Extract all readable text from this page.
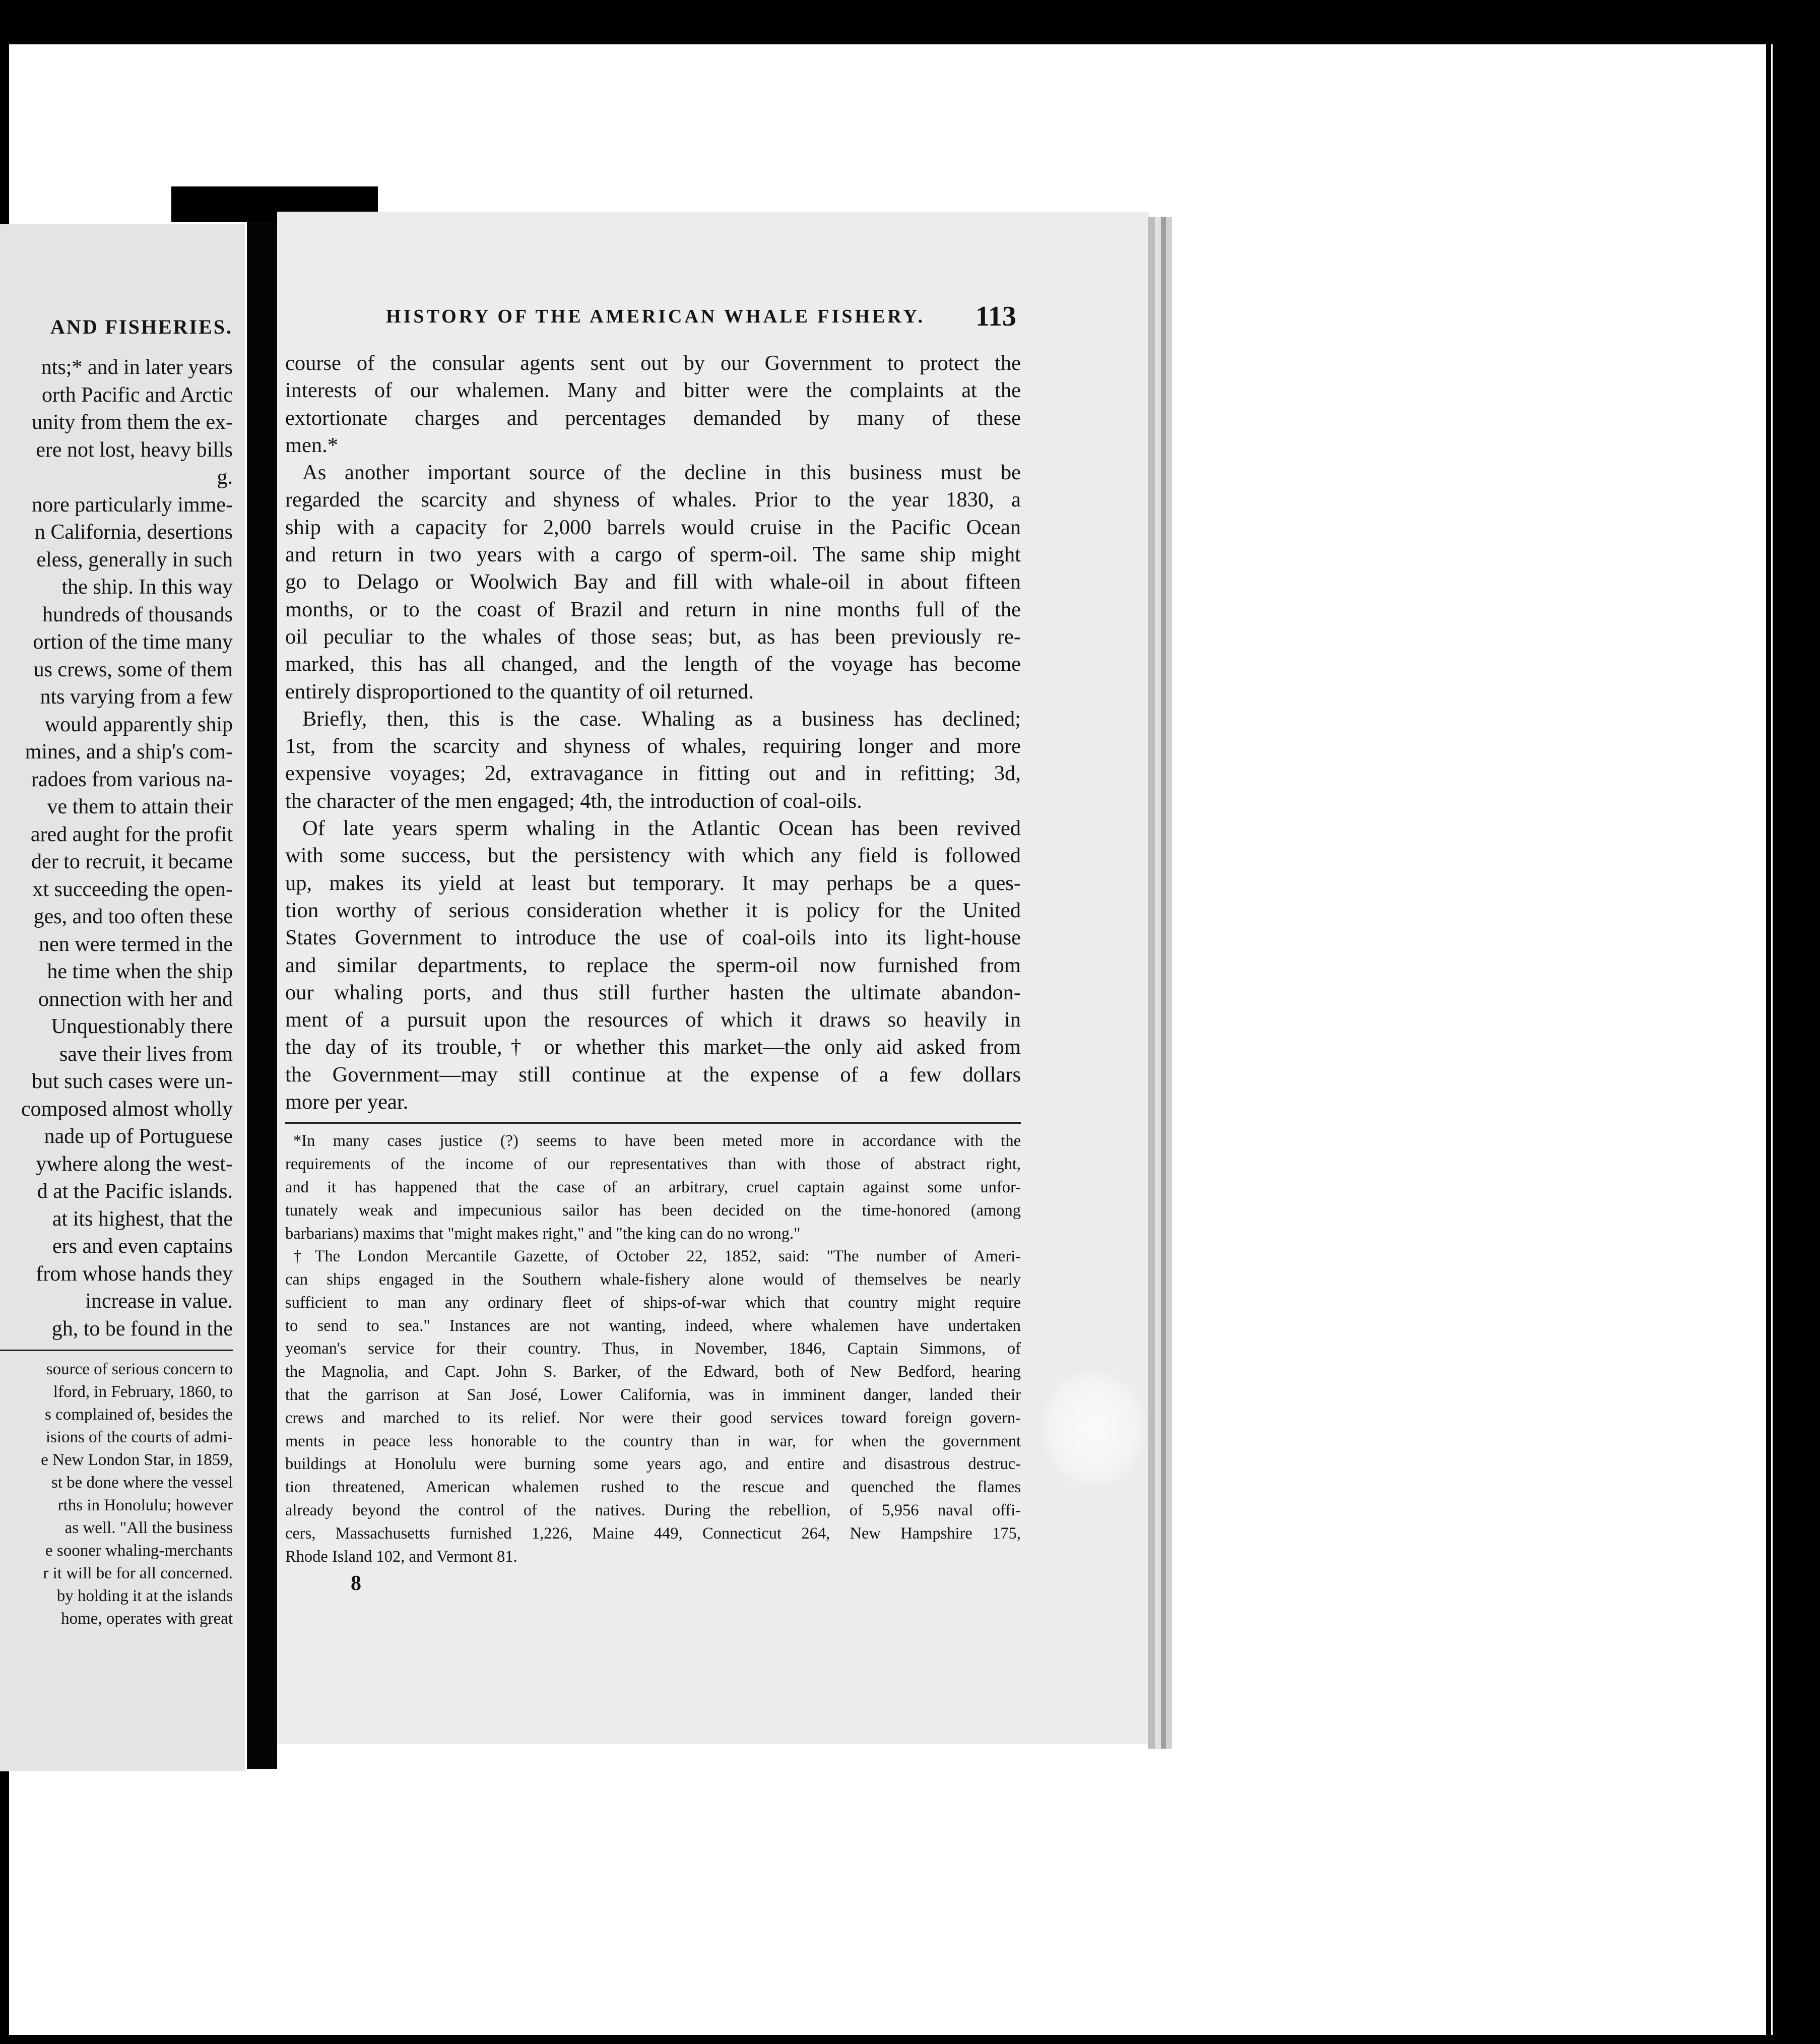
AND FISHERIES.
nts;* and in later years
orth Pacific and Arctic
unity from them the ex-
ere not lost, heavy bills
g.
nore particularly imme-
n California, desertions
eless, generally in such
the ship. In this way
hundreds of thousands
ortion of the time many
us crews, some of them
nts varying from a few
would apparently ship
mines, and a ship's com-
radoes from various na-
ve them to attain their
ared aught for the profit
der to recruit, it became
xt succeeding the open-
ges, and too often these
nen were termed in the
he time when the ship
onnection with her and
Unquestionably there
save their lives from
but such cases were un-
composed almost wholly
nade up of Portuguese
ywhere along the west-
d at the Pacific islands.
at its highest, that the
ers and even captains
from whose hands they
increase in value.
gh, to be found in the
source of serious concern to
lford, in February, 1860, to
s complained of, besides the
isions of the courts of admi-
e New London Star, in 1859,
st be done where the vessel
rths in Honolulu; however
as well. "All the business
e sooner whaling-merchants
r it will be for all concerned.
by holding it at the islands
home, operates with great
HISTORY OF THE AMERICAN WHALE FISHERY. 113
course of the consular agents sent out by our Government to protect the
interests of our whalemen. Many and bitter were the complaints at the
extortionate charges and percentages demanded by many of these
men.*
As another important source of the decline in this business must be
regarded the scarcity and shyness of whales. Prior to the year 1830, a
ship with a capacity for 2,000 barrels would cruise in the Pacific Ocean
and return in two years with a cargo of sperm-oil. The same ship might
go to Delago or Woolwich Bay and fill with whale-oil in about fifteen
months, or to the coast of Brazil and return in nine months full of the
oil peculiar to the whales of those seas; but, as has been previously re-
marked, this has all changed, and the length of the voyage has become
entirely disproportioned to the quantity of oil returned.
Briefly, then, this is the case. Whaling as a business has declined;
1st, from the scarcity and shyness of whales, requiring longer and more
expensive voyages; 2d, extravagance in fitting out and in refitting; 3d,
the character of the men engaged; 4th, the introduction of coal-oils.
Of late years sperm whaling in the Atlantic Ocean has been revived
with some success, but the persistency with which any field is followed
up, makes its yield at least but temporary. It may perhaps be a ques-
tion worthy of serious consideration whether it is policy for the United
States Government to introduce the use of coal-oils into its light-house
and similar departments, to replace the sperm-oil now furnished from
our whaling ports, and thus still further hasten the ultimate abandon-
ment of a pursuit upon the resources of which it draws so heavily in
the day of its trouble,† or whether this market—the only aid asked from
the Government—may still continue at the expense of a few dollars
more per year.
*In many cases justice (?) seems to have been meted more in accordance with the
requirements of the income of our representatives than with those of abstract right,
and it has happened that the case of an arbitrary, cruel captain against some unfor-
tunately weak and impecunious sailor has been decided on the time-honored (among
barbarians) maxims that "might makes right," and "the king can do no wrong."
†The London Mercantile Gazette, of October 22, 1852, said: "The number of Ameri-
can ships engaged in the Southern whale-fishery alone would of themselves be nearly
sufficient to man any ordinary fleet of ships-of-war which that country might require
to send to sea." Instances are not wanting, indeed, where whalemen have undertaken
yeoman's service for their country. Thus, in November, 1846, Captain Simmons, of
the Magnolia, and Capt. John S. Barker, of the Edward, both of New Bedford, hearing
that the garrison at San José, Lower California, was in imminent danger, landed their
crews and marched to its relief. Nor were their good services toward foreign govern-
ments in peace less honorable to the country than in war, for when the government
buildings at Honolulu were burning some years ago, and entire and disastrous destruc-
tion threatened, American whalemen rushed to the rescue and quenched the flames
already beyond the control of the natives. During the rebellion, of 5,956 naval offi-
cers, Massachusetts furnished 1,226, Maine 449, Connecticut 264, New Hampshire 175,
Rhode Island 102, and Vermont 81.
8
